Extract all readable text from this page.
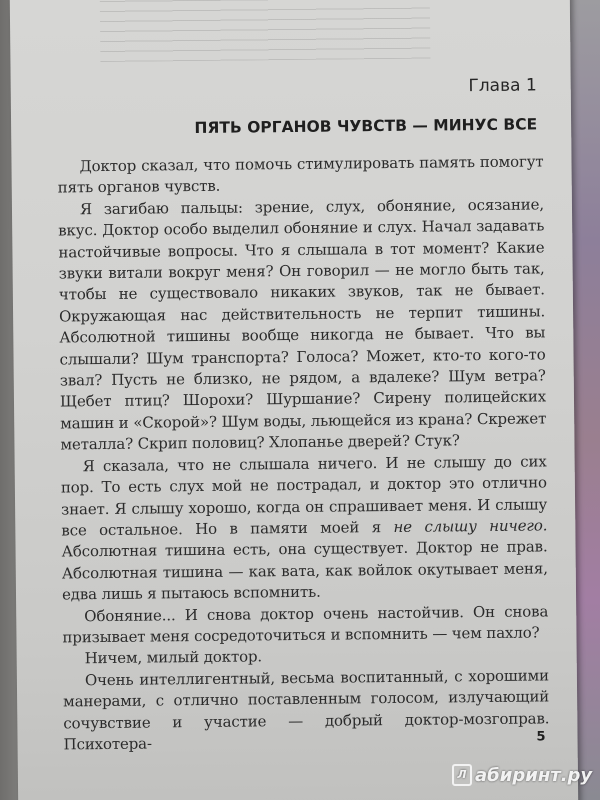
Глава 1
ПЯТЬ ОРГАНОВ ЧУВСТВ — МИНУС ВСЕ

Доктор сказал, что помочь стимулировать память помогут пять органов чувств.

Я загибаю пальцы: зрение, слух, обоняние, осязание, вкус. Доктор особо выделил обоняние и слух. Начал задавать настойчивые вопросы. Что я слышала в тот момент? Какие звуки витали вокруг меня? Он говорил — не могло быть так, чтобы не существовало никаких звуков, так не бывает. Окружающая нас действительность не терпит тишины. Абсолютной тишины вообще никогда не бывает. Что вы слышали? Шум транспорта? Голоса? Может, кто-то кого-то звал? Пусть не близко, не рядом, а вдалеке? Шум ветра? Щебет птиц? Шорохи? Шуршание? Сирену полицейских машин и «Скорой»? Шум воды, льющейся из крана? Скрежет металла? Скрип половиц? Хлопанье дверей? Стук?

Я сказала, что не слышала ничего. И не слышу до сих пор. То есть слух мой не пострадал, и доктор это отлично знает. Я слышу хорошо, когда он спрашивает меня. И слышу все остальное. Но в памяти моей я не слышу ничего. Абсолютная тишина есть, она существует. Доктор не прав. Абсолютная тишина — как вата, как войлок окутывает меня, едва лишь я пытаюсь вспомнить.

Обоняние... И снова доктор очень настойчив. Он снова призывает меня сосредоточиться и вспомнить — чем пахло?

Ничем, милый доктор.

Очень интеллигентный, весьма воспитанный, с хорошими манерами, с отлично поставленным голосом, излучающий сочувствие и участие — добрый доктор-мозгоправ. Психотера-	5
Л абиринт.ру
